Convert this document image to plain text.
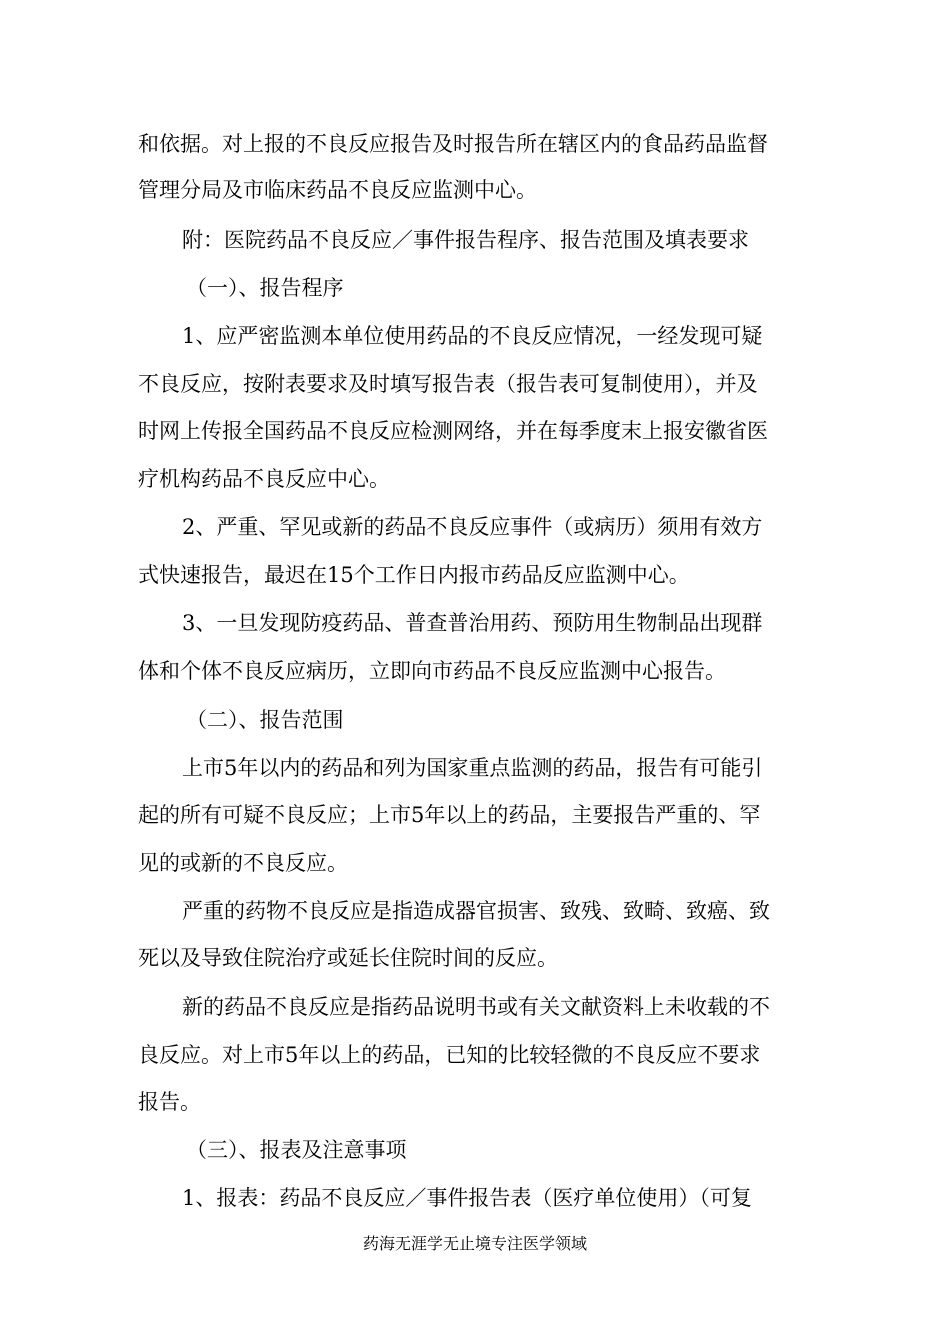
和依据。对上报的不良反应报告及时报告所在辖区内的食品药品监督
管理分局及市临床药品不良反应监测中心。
附：医院药品不良反应／事件报告程序、报告范围及填表要求
（一）、报告程序
1、应严密监测本单位使用药品的不良反应情况，一经发现可疑
不良反应，按附表要求及时填写报告表（报告表可复制使用），并及
时网上传报全国药品不良反应检测网络，并在每季度末上报安徽省医
疗机构药品不良反应中心。
2、严重、罕见或新的药品不良反应事件（或病历）须用有效方
式快速报告，最迟在15个工作日内报市药品反应监测中心。
3、一旦发现防疫药品、普查普治用药、预防用生物制品出现群
体和个体不良反应病历，立即向市药品不良反应监测中心报告。
（二）、报告范围
上市5年以内的药品和列为国家重点监测的药品，报告有可能引
起的所有可疑不良反应；上市5年以上的药品，主要报告严重的、罕
见的或新的不良反应。
严重的药物不良反应是指造成器官损害、致残、致畸、致癌、致
死以及导致住院治疗或延长住院时间的反应。
新的药品不良反应是指药品说明书或有关文献资料上未收载的不
良反应。对上市5年以上的药品，已知的比较轻微的不良反应不要求
报告。
（三）、报表及注意事项
1、报表：药品不良反应／事件报告表（医疗单位使用）（可复
药海无涯学无止境专注医学领域
